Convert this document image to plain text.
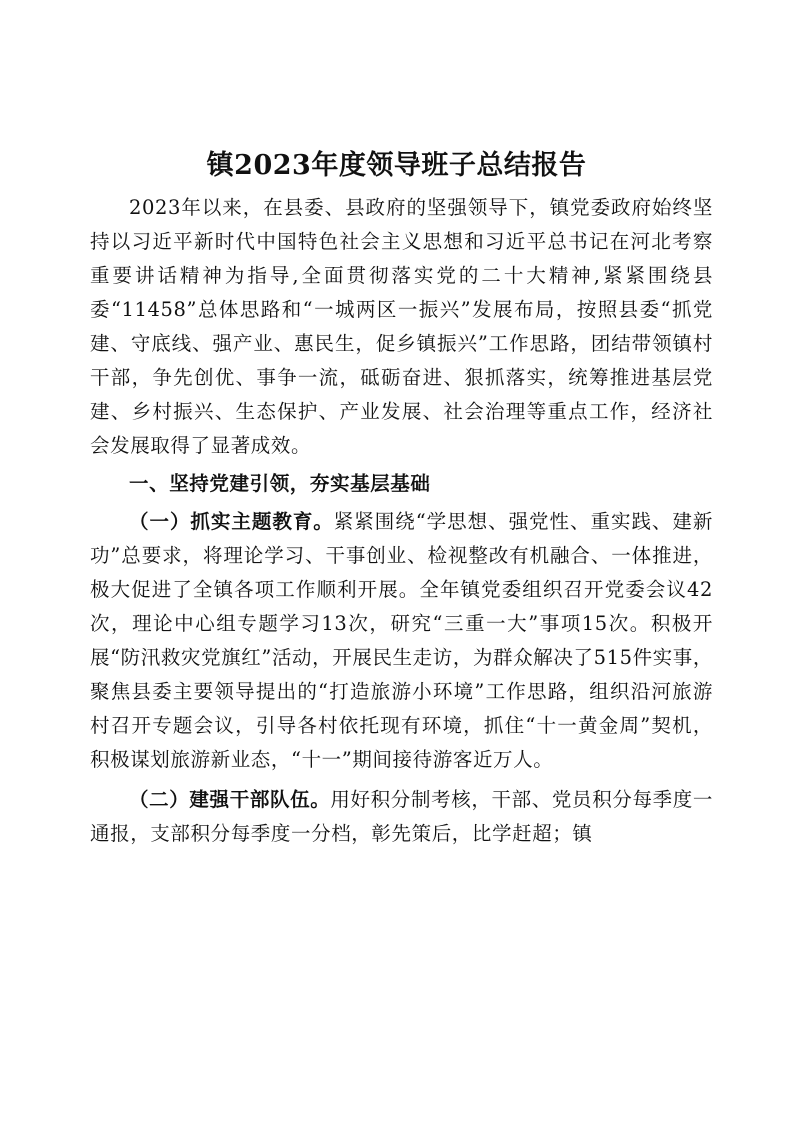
镇2023年度领导班子总结报告

2023年以来，在县委、县政府的坚强领导下，镇党委政府始终坚持以习近平新时代中国特色社会主义思想和习近平总书记在河北考察重要讲话精神为指导,全面贯彻落实党的二十大精神,紧紧围绕县委“11458”总体思路和“一城两区一振兴”发展布局，按照县委“抓党建、守底线、强产业、惠民生，促乡镇振兴”工作思路，团结带领镇村干部，争先创优、事争一流，砥砺奋进、狠抓落实，统筹推进基层党建、乡村振兴、生态保护、产业发展、社会治理等重点工作，经济社会发展取得了显著成效。

一、坚持党建引领，夯实基层基础

（一）抓实主题教育。紧紧围绕“学思想、强党性、重实践、建新功”总要求，将理论学习、干事创业、检视整改有机融合、一体推进，极大促进了全镇各项工作顺利开展。全年镇党委组织召开党委会议42次，理论中心组专题学习13次，研究“三重一大”事项15次。积极开展“防汛救灾党旗红”活动，开展民生走访，为群众解决了515件实事，聚焦县委主要领导提出的“打造旅游小环境”工作思路，组织沿河旅游村召开专题会议，引导各村依托现有环境，抓住“十一黄金周”契机，积极谋划旅游新业态，“十一”期间接待游客近万人。

（二）建强干部队伍。用好积分制考核，干部、党员积分每季度一通报，支部积分每季度一分档，彰先策后，比学赶超；镇
